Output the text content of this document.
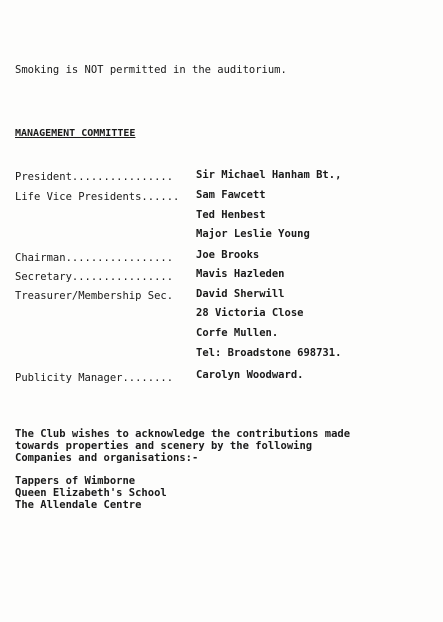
Smoking is NOT permitted in the auditorium.
MANAGEMENT COMMITTEE
President................ Sir Michael Hanham Bt.,
Life Vice Presidents...... Sam Fawcett
Ted Henbest
Major Leslie Young
Chairman................. Joe Brooks
Secretary................ Mavis Hazleden
Treasurer/Membership Sec. David Sherwill
28 Victoria Close
Corfe Mullen.
Tel: Broadstone 698731.
Publicity Manager........ Carolyn Woodward.
The Club wishes to acknowledge the contributions made
towards properties and scenery by the following
Companies and organisations:-
Tappers of Wimborne
Queen Elizabeth's School
The Allendale Centre
